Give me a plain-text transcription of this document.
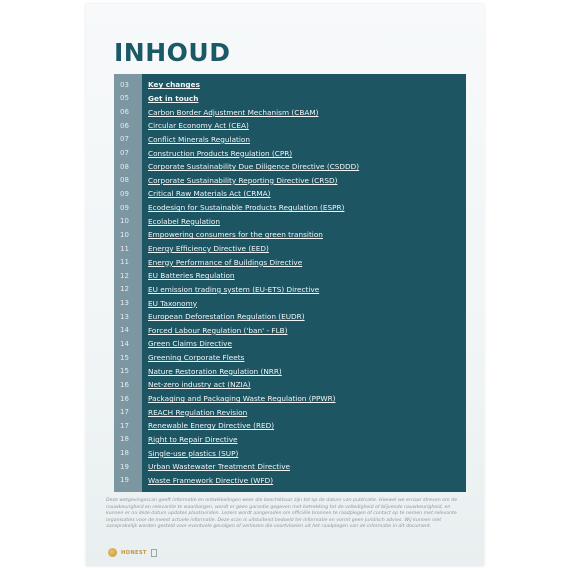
INHOUD
03	Key changes
05	Get in touch
06	Carbon Border Adjustment Mechanism (CBAM)
06	Circular Economy Act (CEA)
07	Conflict Minerals Regulation
07	Construction Products Regulation (CPR)
08	Corporate Sustainability Due Diligence Directive (CSDDD)
08	Corporate Sustainability Reporting Directive (CRSD)
09	Critical Raw Materials Act (CRMA)
09	Ecodesign for Sustainable Products Regulation (ESPR)
10	Ecolabel Regulation
10	Empowering consumers for the green transition
11	Energy Efficiency Directive (EED)
11	Energy Performance of Buildings Directive
12	EU Batteries Regulation
12	EU emission trading system (EU-ETS) Directive
13	EU Taxonomy
13	European Deforestation Regulation (EUDR)
14	Forced Labour Regulation ('ban' - FLB)
14	Green Claims Directive
15	Greening Corporate Fleets
15	Nature Restoration Regulation (NRR)
16	Net-zero industry act (NZIA)
16	Packaging and Packaging Waste Regulation (PPWR)
17	REACH Regulation Revision
17	Renewable Energy Directive (RED)
18	Right to Repair Directive
18	Single-use plastics (SUP)
19	Urban Wastewater Treatment Directive
19	Waste Framework Directive (WFD)
Deze wetgevingsscan geeft informatie en ontwikkelingen weer die beschikbaar zijn tot op de datum van publicatie. Hoewel we ernaar streven om de nauwkeurigheid en relevantie te waarborgen, wordt er geen garantie gegeven met betrekking tot de volledigheid of blijvende nauwkeurigheid, en kunnen er na deze datum updates plaatsvinden. Lezers wordt aangeraden om officiële bronnen te raadplegen of contact op te nemen met relevante organisaties voor de meest actuele informatie. Deze scan is uitsluitend bedoeld ter informatie en vormt geen juridisch advies. Wij kunnen niet aansprakelijk worden gesteld voor eventuele gevolgen of verliezen die voortvloeien uit het raadplegen van de informatie in dit document.
HONEST
